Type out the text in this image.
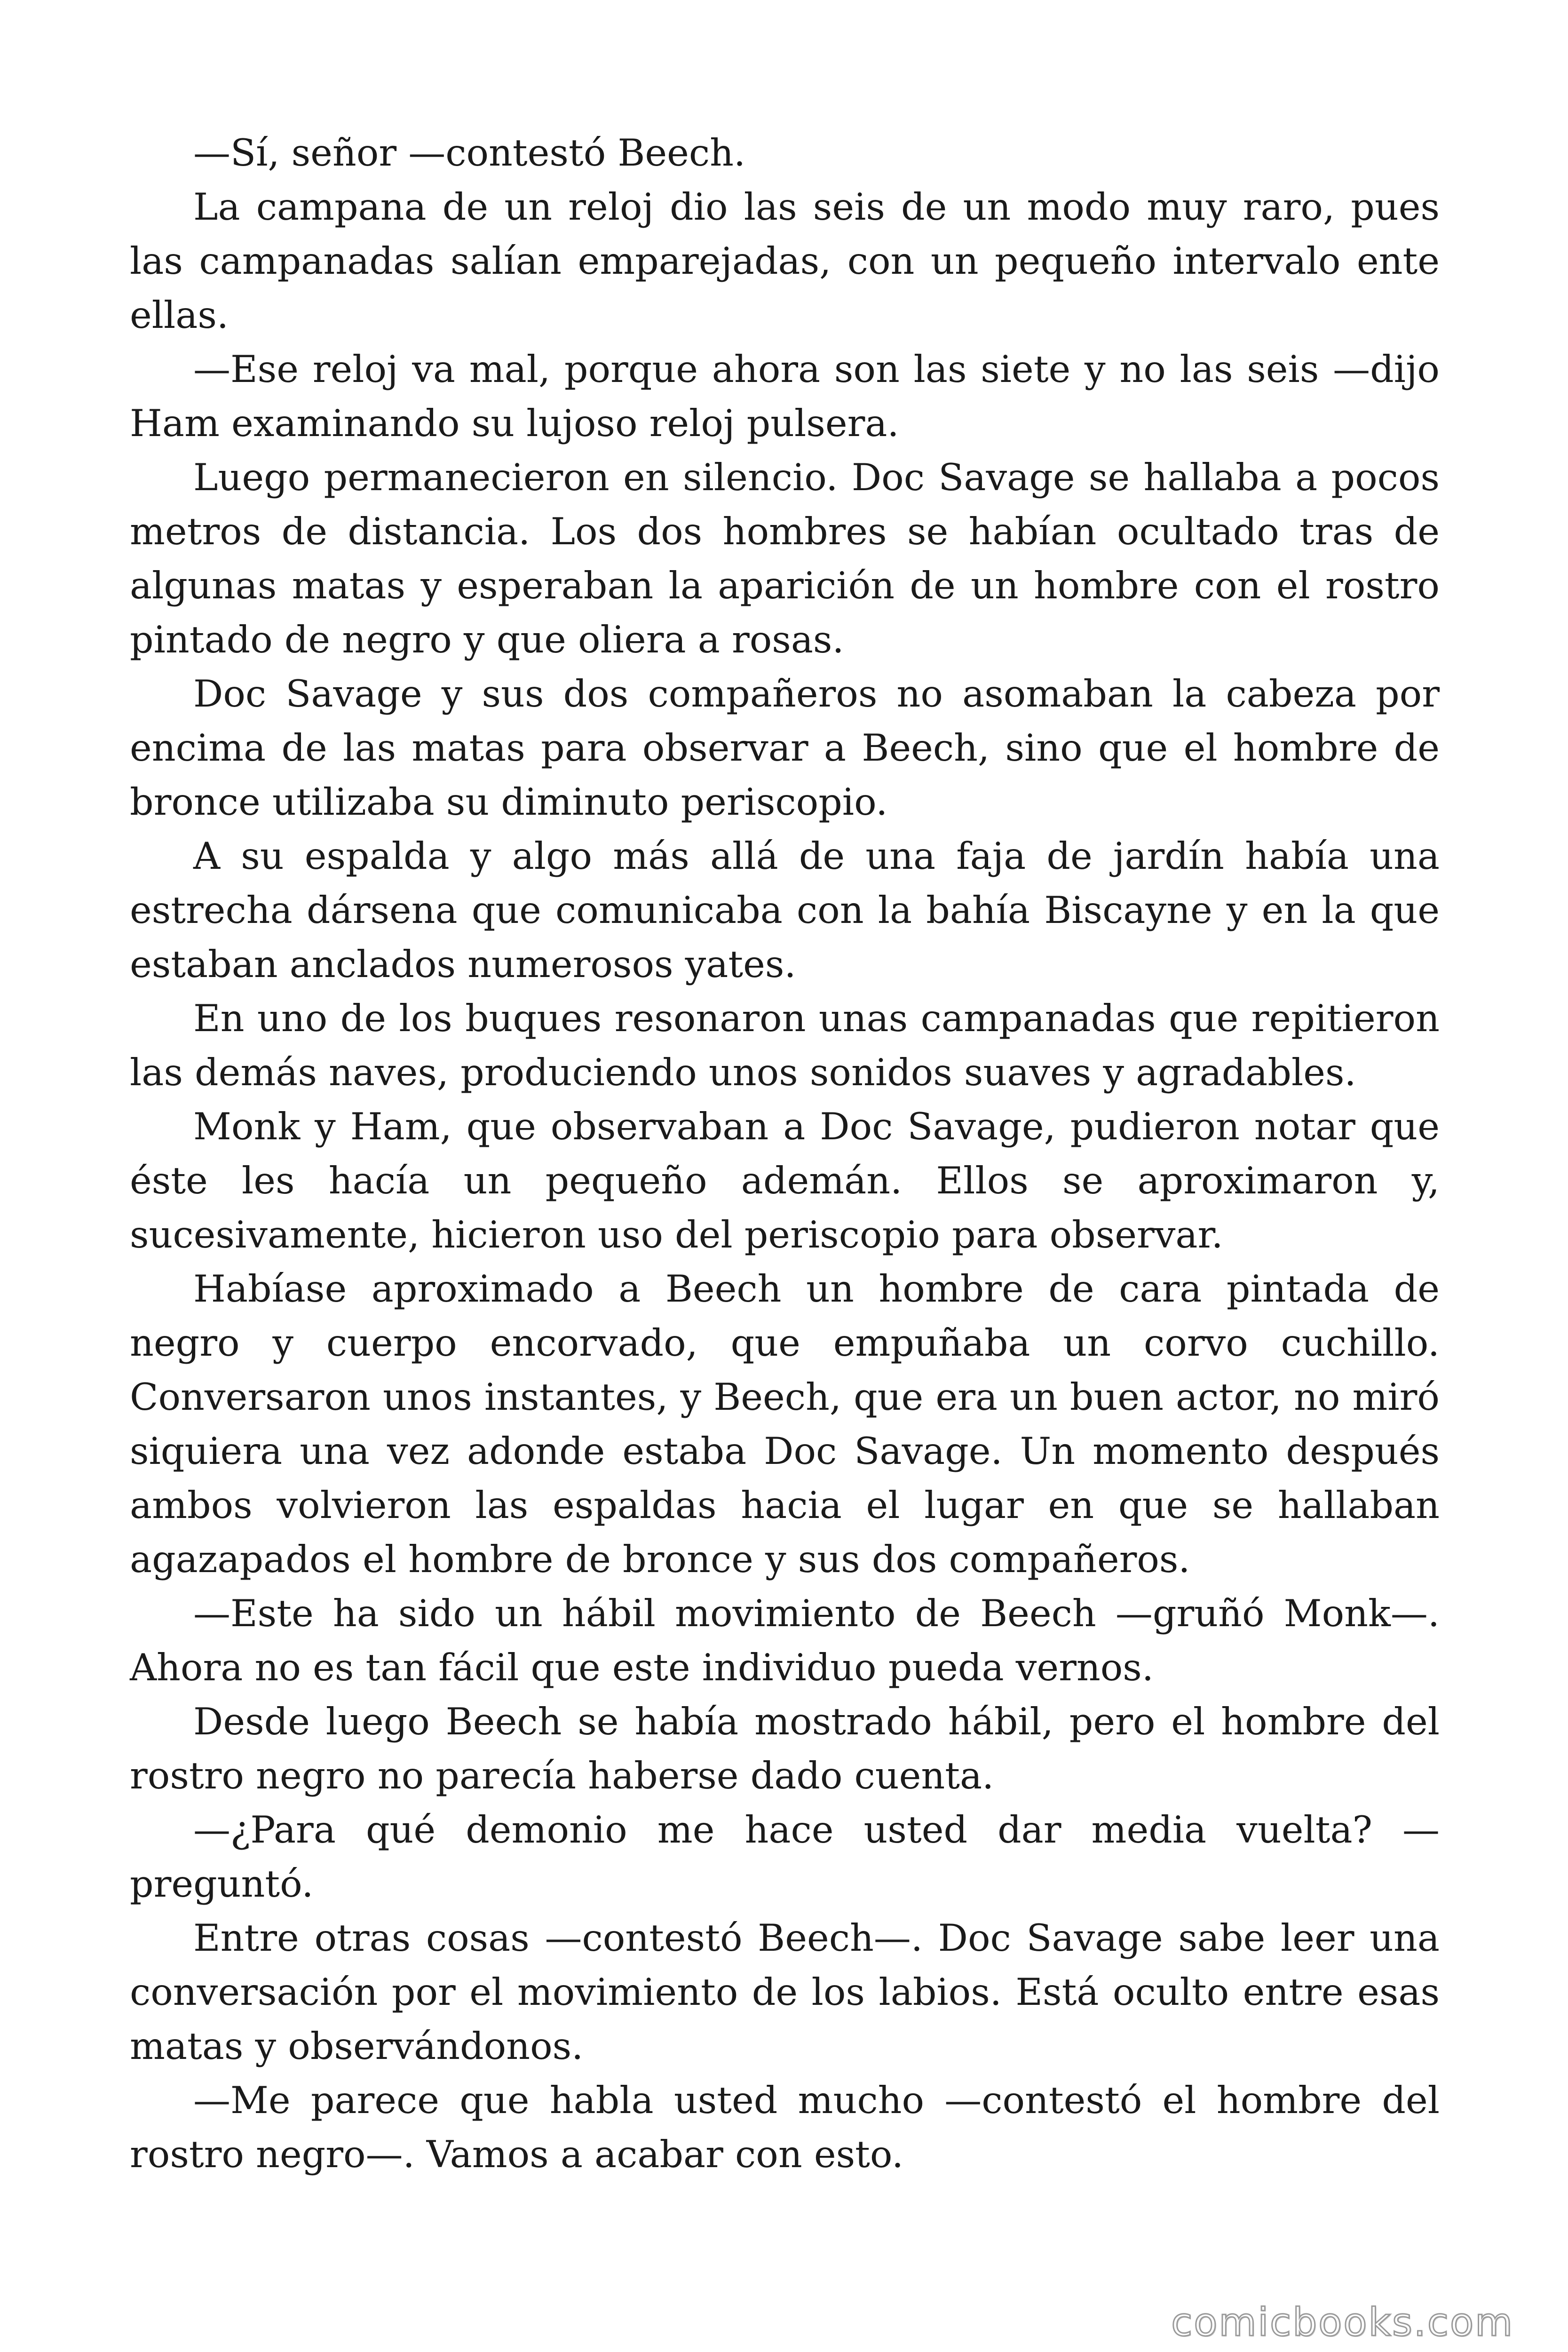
—Sí, señor —contestó Beech.

La campana de un reloj dio las seis de un modo muy raro, pues las campanadas salían emparejadas, con un pequeño intervalo ente ellas.

—Ese reloj va mal, porque ahora son las siete y no las seis —dijo Ham examinando su lujoso reloj pulsera.

Luego permanecieron en silencio. Doc Savage se hallaba a pocos metros de distancia. Los dos hombres se habían ocultado tras de algunas matas y esperaban la aparición de un hombre con el rostro pintado de negro y que oliera a rosas.

Doc Savage y sus dos compañeros no asomaban la cabeza por encima de las matas para observar a Beech, sino que el hombre de bronce utilizaba su diminuto periscopio.

A su espalda y algo más allá de una faja de jardín había una estrecha dársena que comunicaba con la bahía Biscayne y en la que estaban anclados numerosos yates.

En uno de los buques resonaron unas campanadas que repitieron las demás naves, produciendo unos sonidos suaves y agradables.

Monk y Ham, que observaban a Doc Savage, pudieron notar que éste les hacía un pequeño ademán. Ellos se aproximaron y, sucesivamente, hicieron uso del periscopio para observar.

Habíase aproximado a Beech un hombre de cara pintada de negro y cuerpo encorvado, que empuñaba un corvo cuchillo. Conversaron unos instantes, y Beech, que era un buen actor, no miró siquiera una vez adonde estaba Doc Savage. Un momento después ambos volvieron las espaldas hacia el lugar en que se hallaban agazapados el hombre de bronce y sus dos compañeros.

—Este ha sido un hábil movimiento de Beech —gruñó Monk—. Ahora no es tan fácil que este individuo pueda vernos.

Desde luego Beech se había mostrado hábil, pero el hombre del rostro negro no parecía haberse dado cuenta.

—¿Para qué demonio me hace usted dar media vuelta? —preguntó.

Entre otras cosas —contestó Beech—. Doc Savage sabe leer una conversación por el movimiento de los labios. Está oculto entre esas matas y observándonos.

—Me parece que habla usted mucho —contestó el hombre del rostro negro—. Vamos a acabar con esto.

comicbooks.com
